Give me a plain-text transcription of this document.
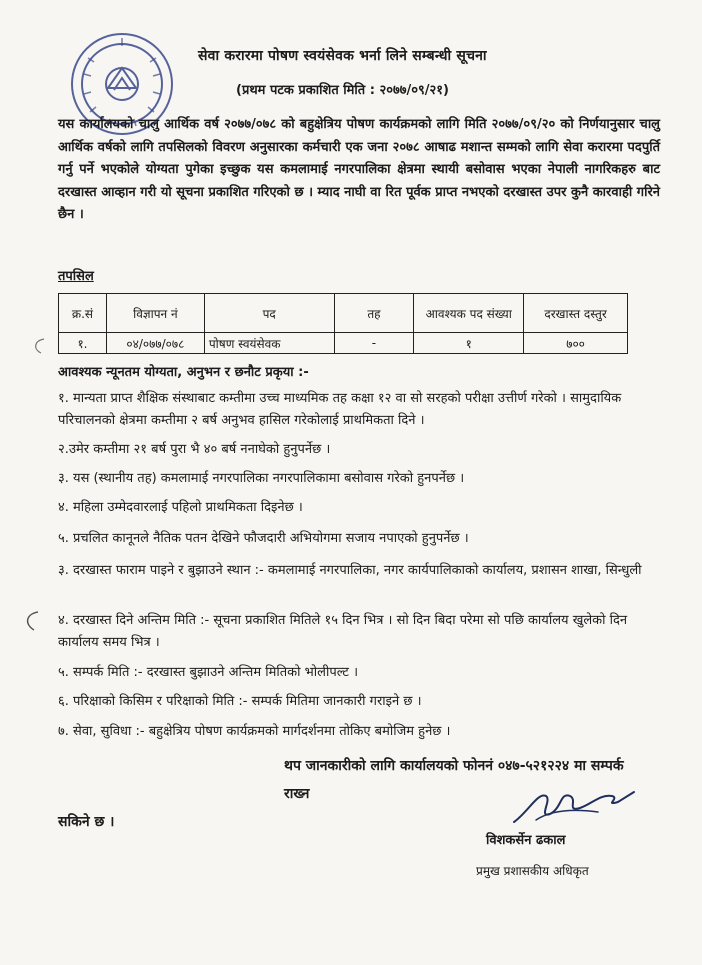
सेवा करारमा पोषण स्वयंसेवक भर्ना लिने सम्बन्धी सूचना
(प्रथम पटक प्रकाशित मिति : २०७७/०९/२१)
यस कार्यालयको चालु आर्थिक वर्ष २०७७/०७८ को बहुक्षेत्रिय पोषण कार्यक्रमको लागि मिति २०७७/०९/२० को निर्णयानुसार चालु आर्थिक वर्षको लागि तपसिलको विवरण अनुसारका कर्मचारी एक जना २०७८ आषाढ मशान्त सम्मको लागि सेवा करारमा पदपुर्ति गर्नु पर्ने भएकोले योग्यता पुगेका इच्छुक यस कमलामाई नगरपालिका क्षेत्रमा स्थायी बसोवास भएका नेपाली नागरिकहरु बाट दरखास्त आव्हान गरी यो सूचना प्रकाशित गरिएको छ । म्याद नाघी वा रित पूर्वक प्राप्त नभएको दरखास्त उपर कुनै कारवाही गरिने छैन ।
तपसिल
क्र.सं	विज्ञापन नं	पद	तह	आवश्यक पद संख्या	दरखास्त दस्तुर
१.	०४/०७७/०७८	पोषण स्वयंसेवक	-	१	७००
आवश्यक न्यूनतम योग्यता, अनुभन र छनौट प्रकृया :-
१. मान्यता प्राप्त शैक्षिक संस्थाबाट कम्तीमा उच्च माध्यमिक तह कक्षा १२ वा सो सरहको परीक्षा उत्तीर्ण गरेको । सामुदायिक परिचालनको क्षेत्रमा कम्तीमा २ बर्ष अनुभव हासिल गरेकोलाई प्राथमिकता दिने ।
२.उमेर कम्तीमा २१ बर्ष पुरा भै ४० बर्ष ननाघेको हुनुपर्नेछ ।
३. यस (स्थानीय तह) कमलामाई नगरपालिका नगरपालिकामा बसोवास गरेको हुनपर्नेछ ।
४. महिला उम्मेदवारलाई पहिलो प्राथमिकता दिइनेछ ।
५. प्रचलित कानूनले नैतिक पतन देखिने फौजदारी अभियोगमा सजाय नपाएको हुनुपर्नेछ ।
३. दरखास्त फाराम पाइने र बुझाउने स्थान :- कमलामाई नगरपालिका, नगर कार्यपालिकाको कार्यालय, प्रशासन शाखा, सिन्धुली
४. दरखास्त दिने अन्तिम मिति :- सूचना प्रकाशित मितिले १५ दिन भित्र । सो दिन बिदा परेमा सो पछि कार्यालय खुलेको दिन कार्यालय समय भित्र ।
५. सम्पर्क मिति :- दरखास्त बुझाउने अन्तिम मितिको भोलीपल्ट ।
६. परिक्षाको किसिम र परिक्षाको मिति :- सम्पर्क मितिमा जानकारी गराइने छ ।
७. सेवा, सुविधा :- बहुक्षेत्रिय पोषण कार्यक्रमको मार्गदर्शनमा तोकिए बमोजिम हुनेछ ।
थप जानकारीको लागि कार्यालयको फोननं ०४७-५२१२२४ मा सम्पर्क राख्न
सकिने छ ।
विशकर्सेन ढकाल
प्रमुख प्रशासकीय अधिकृत
